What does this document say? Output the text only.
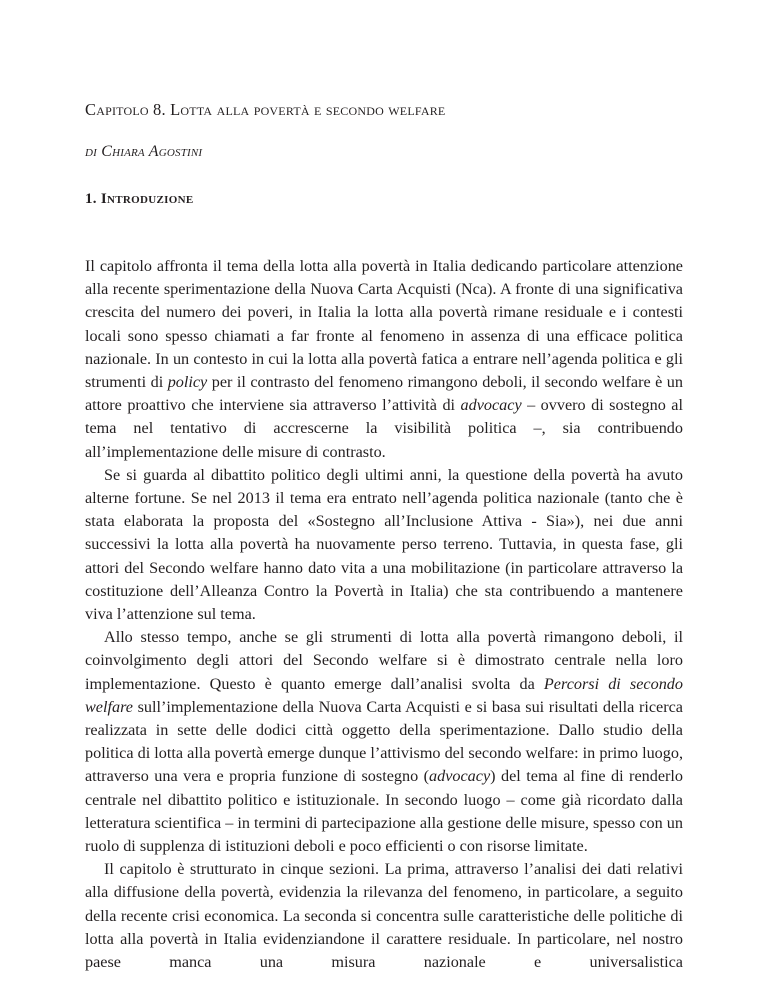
Capitolo 8. Lotta alla povertà e secondo welfare
di Chiara Agostini
1. Introduzione

Il capitolo affronta il tema della lotta alla povertà in Italia dedicando particolare attenzione alla recente sperimentazione della Nuova Carta Acquisti (Nca). A fronte di una significativa crescita del numero dei poveri, in Italia la lotta alla povertà rimane residuale e i contesti locali sono spesso chiamati a far fronte al fenomeno in assenza di una efficace politica nazionale. In un contesto in cui la lotta alla povertà fatica a entrare nell’agenda politica e gli strumenti di policy per il contrasto del fenomeno rimangono deboli, il secondo welfare è un attore proattivo che interviene sia attraverso l’attività di advocacy – ovvero di sostegno al tema nel tentativo di accrescerne la visibilità politica –, sia contribuendo all’implementazione delle misure di contrasto.

Se si guarda al dibattito politico degli ultimi anni, la questione della povertà ha avuto alterne fortune. Se nel 2013 il tema era entrato nell’agenda politica nazionale (tanto che è stata elaborata la proposta del «Sostegno all’Inclusione Attiva - Sia»), nei due anni successivi la lotta alla povertà ha nuovamente perso terreno. Tuttavia, in questa fase, gli attori del Secondo welfare hanno dato vita a una mobilitazione (in particolare attraverso la costituzione dell’Alleanza Contro la Povertà in Italia) che sta contribuendo a mantenere viva l’attenzione sul tema.

Allo stesso tempo, anche se gli strumenti di lotta alla povertà rimangono deboli, il coinvolgimento degli attori del Secondo welfare si è dimostrato centrale nella loro implementazione. Questo è quanto emerge dall’analisi svolta da Percorsi di secondo welfare sull’implementazione della Nuova Carta Acquisti e si basa sui risultati della ricerca realizzata in sette delle dodici città oggetto della sperimentazione. Dallo studio della politica di lotta alla povertà emerge dunque l’attivismo del secondo welfare: in primo luogo, attraverso una vera e propria funzione di sostegno (advocacy) del tema al fine di renderlo centrale nel dibattito politico e istituzionale. In secondo luogo – come già ricordato dalla letteratura scientifica – in termini di partecipazione alla gestione delle misure, spesso con un ruolo di supplenza di istituzioni deboli e poco efficienti o con risorse limitate.

Il capitolo è strutturato in cinque sezioni. La prima, attraverso l’analisi dei dati relativi alla diffusione della povertà, evidenzia la rilevanza del fenomeno, in particolare, a seguito della recente crisi economica. La seconda si concentra sulle caratteristiche delle politiche di lotta alla povertà in Italia evidenziandone il carattere residuale. In particolare, nel nostro paese manca una misura nazionale e universalistica
